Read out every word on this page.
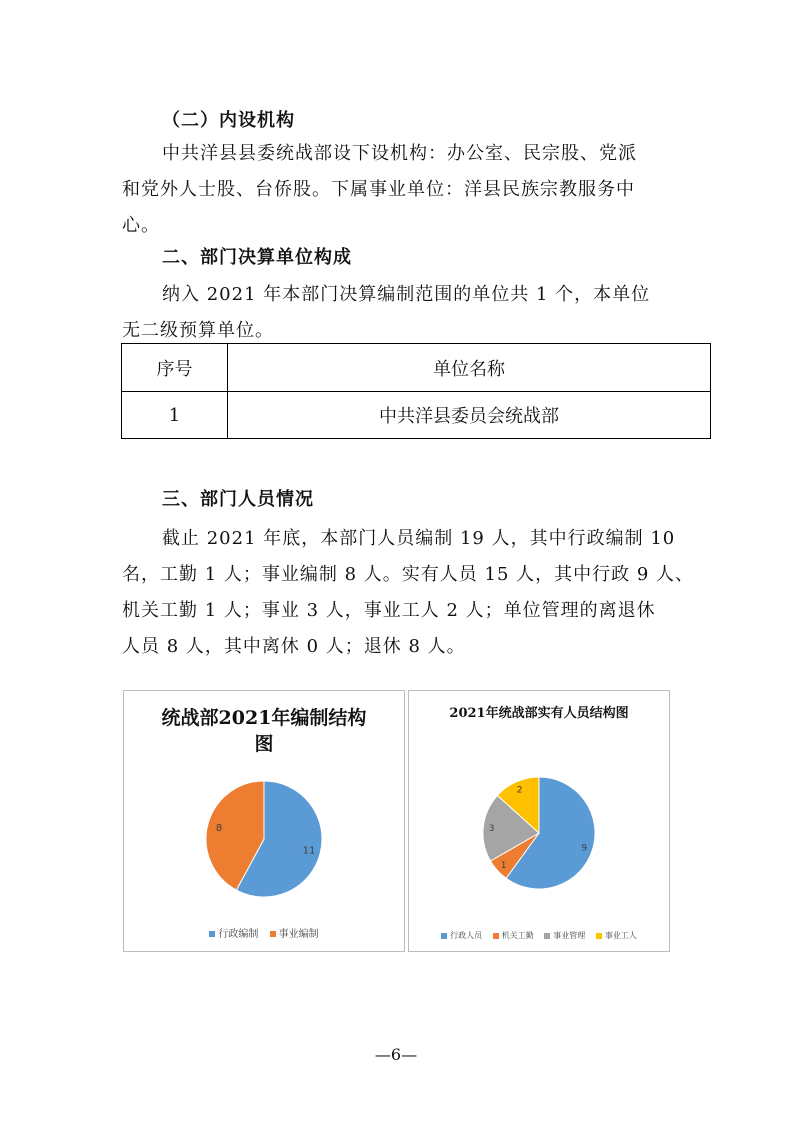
（二）内设机构
中共洋县县委统战部设下设机构：办公室、民宗股、党派
和党外人士股、台侨股。下属事业单位：洋县民族宗教服务中
心。
二、部门决算单位构成
纳入 2021 年本部门决算编制范围的单位共 1 个，本单位
无二级预算单位。
序号	单位名称
1	中共洋县委员会统战部
三、部门人员情况
截止 2021 年底，本部门人员编制 19 人，其中行政编制 10
名，工勤 1 人；事业编制 8 人。实有人员 15 人，其中行政 9 人、
机关工勤 1 人；事业 3 人，事业工人 2 人；单位管理的离退休
人员 8 人，其中离休 0 人；退休 8 人。
统战部2021年编制结构
图
11
8
行政编制 事业编制
2021年统战部实有人员结构图
9
1
3
2
行政人员 机关工勤 事业管理 事业工人
—6—
